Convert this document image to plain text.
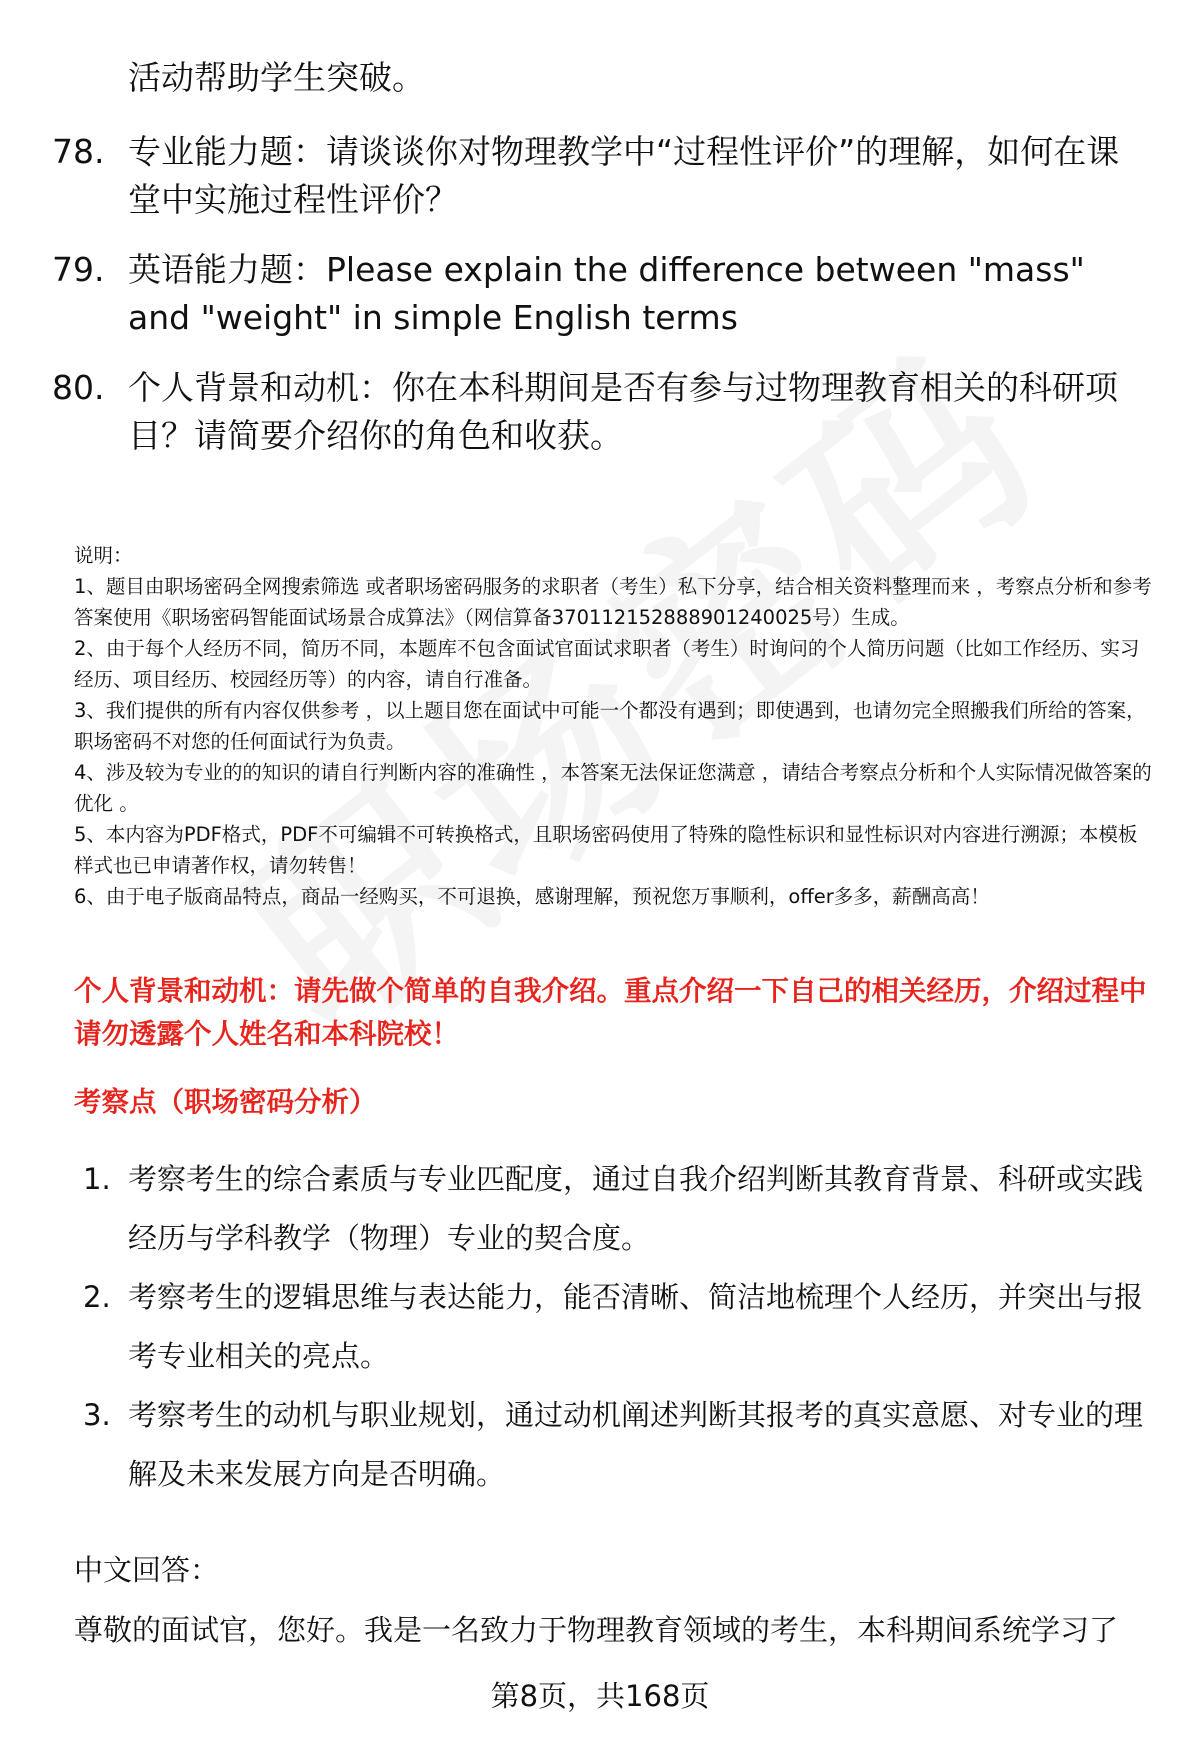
活动帮助学生突破。
78. 专业能力题：请谈谈你对物理教学中“过程性评价”的理解，如何在课堂中实施过程性评价？
79. 英语能力题：Please explain the difference between "mass" and "weight" in simple English terms
80. 个人背景和动机：你在本科期间是否有参与过物理教育相关的科研项目？请简要介绍你的角色和收获。
说明：
1、题目由职场密码全网搜索筛选 或者职场密码服务的求职者（考生）私下分享，结合相关资料整理而来 ，考察点分析和参考答案使用《职场密码智能面试场景合成算法》（网信算备370112152888901240025号）生成。
2、由于每个人经历不同，简历不同，本题库不包含面试官面试求职者（考生）时询问的个人简历问题（比如工作经历、实习经历、项目经历、校园经历等）的内容，请自行准备。
3、我们提供的所有内容仅供参考 ，以上题目您在面试中可能一个都没有遇到；即使遇到，也请勿完全照搬我们所给的答案，职场密码不对您的任何面试行为负责。
4、涉及较为专业的的知识的请自行判断内容的准确性 ，本答案无法保证您满意 ，请结合考察点分析和个人实际情况做答案的优化 。
5、本内容为PDF格式，PDF不可编辑不可转换格式，且职场密码使用了特殊的隐性标识和显性标识对内容进行溯源；本模板样式也已申请著作权，请勿转售！
6、由于电子版商品特点，商品一经购买，不可退换，感谢理解，预祝您万事顺利，offer多多，薪酬高高！
个人背景和动机：请先做个简单的自我介绍。重点介绍一下自己的相关经历，介绍过程中请勿透露个人姓名和本科院校！
考察点（职场密码分析）
1. 考察考生的综合素质与专业匹配度，通过自我介绍判断其教育背景、科研或实践经历与学科教学（物理）专业的契合度。
2. 考察考生的逻辑思维与表达能力，能否清晰、简洁地梳理个人经历，并突出与报考专业相关的亮点。
3. 考察考生的动机与职业规划，通过动机阐述判断其报考的真实意愿、对专业的理解及未来发展方向是否明确。
中文回答：
尊敬的面试官，您好。我是一名致力于物理教育领域的考生，本科期间系统学习了
第8页，共168页
